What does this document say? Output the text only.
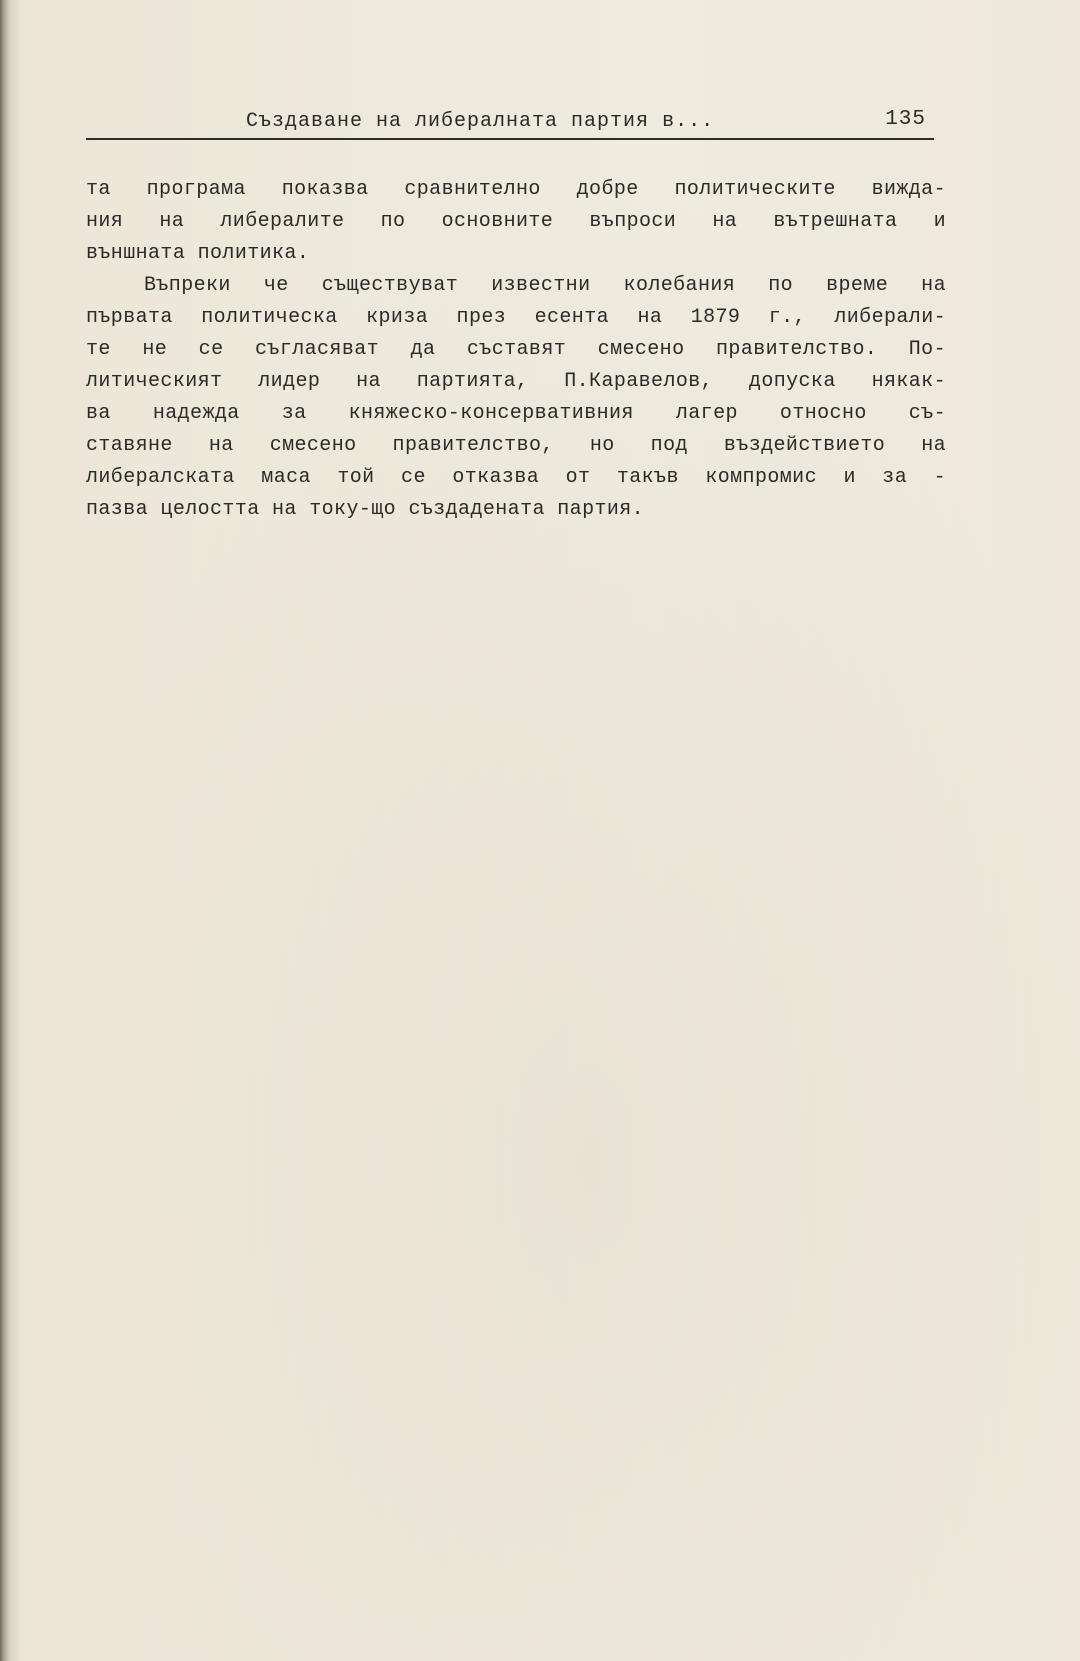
Създаване на либералната партия в...	135
та програма показва сравнително добре политическите вижда-
ния на либералите по основните въпроси на вътрешната и
външната политика.
Въпреки че съществуват известни колебания по време на
първата политическа криза през есента на 1879 г., либерали-
те не се съгласяват да съставят смесено правителство. По-
литическият лидер на партията, П.Каравелов, допуска някак-
ва надежда за княжеско-консервативния лагер относно съ-
ставяне на смесено правителство, но под въздействието на
либералската маса той се отказва от такъв компромис и за -
пазва целостта на току-що създадената партия.
